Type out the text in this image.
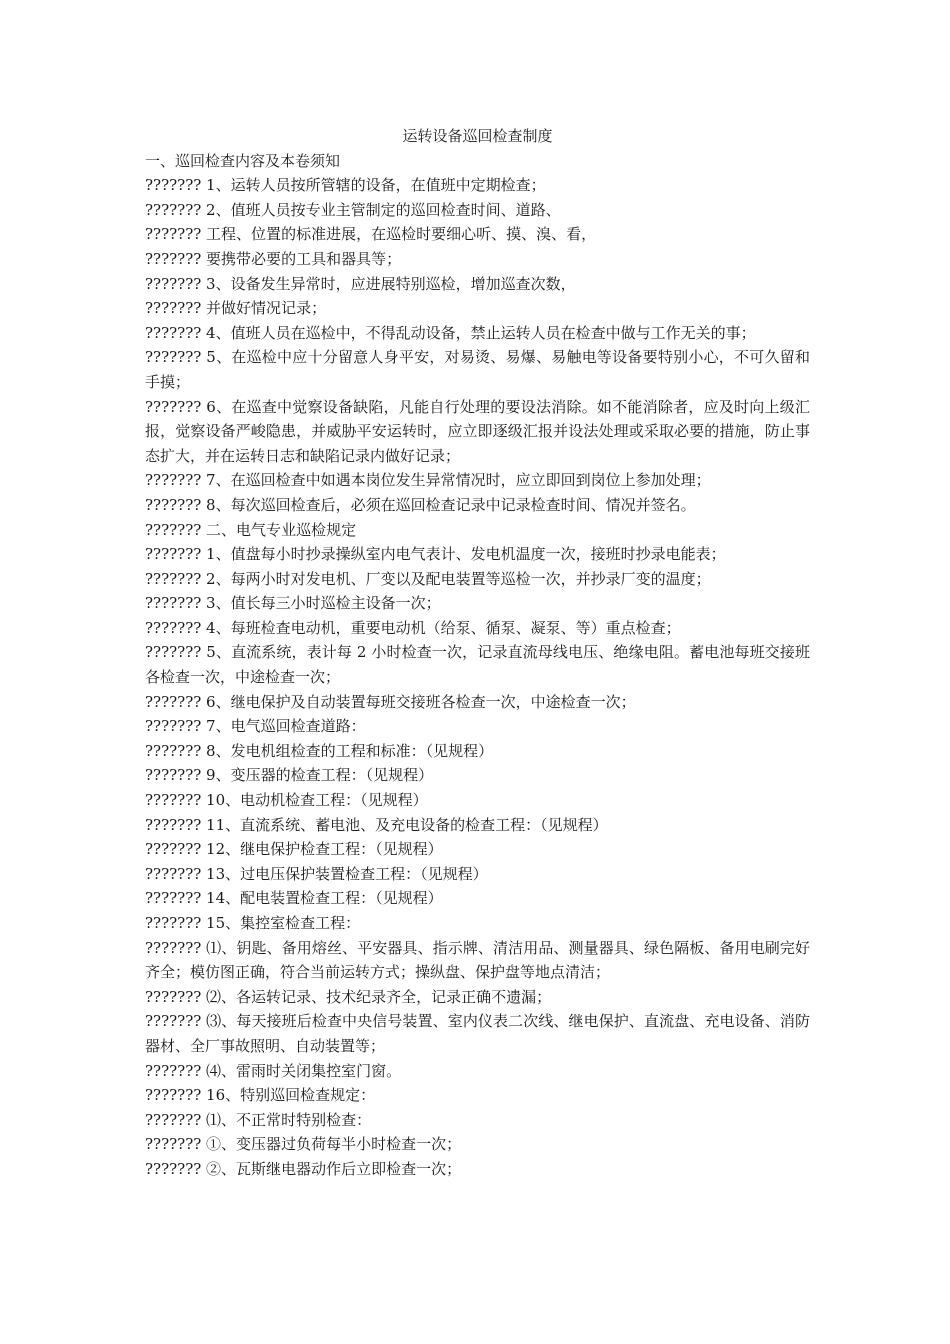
运转设备巡回检查制度

一、巡回检查内容及本卷须知

??????? 1、运转人员按所管辖的设备，在值班中定期检查；

??????? 2、值班人员按专业主管制定的巡回检查时间、道路、

??????? 工程、位置的标准进展，在巡检时要细心听、摸、溴、看，

??????? 要携带必要的工具和器具等；

??????? 3、设备发生异常时，应进展特别巡检，增加巡查次数，

??????? 并做好情况记录；

??????? 4、值班人员在巡检中，不得乱动设备，禁止运转人员在检查中做与工作无关的事；

??????? 5、在巡检中应十分留意人身平安，对易烫、易爆、易触电等设备要特别小心，不可久留和手摸；

??????? 6、在巡查中觉察设备缺陷，凡能自行处理的要设法消除。如不能消除者，应及时向上级汇报，觉察设备严峻隐患，并威胁平安运转时，应立即逐级汇报并设法处理或采取必要的措施，防止事态扩大，并在运转日志和缺陷记录内做好记录；

??????? 7、在巡回检查中如遇本岗位发生异常情况时，应立即回到岗位上参加处理；

??????? 8、每次巡回检查后，必须在巡回检查记录中记录检查时间、情况并签名。

??????? 二、电气专业巡检规定

??????? 1、值盘每小时抄录操纵室内电气表计、发电机温度一次，接班时抄录电能表；

??????? 2、每两小时对发电机、厂变以及配电装置等巡检一次，并抄录厂变的温度；

??????? 3、值长每三小时巡检主设备一次；

??????? 4、每班检查电动机，重要电动机（给泵、循泵、凝泵、等）重点检查；

??????? 5、直流系统，表计每 2 小时检查一次，记录直流母线电压、绝缘电阻。蓄电池每班交接班各检查一次，中途检查一次；

??????? 6、继电保护及自动装置每班交接班各检查一次，中途检查一次；

??????? 7、电气巡回检查道路：

??????? 8、发电机组检查的工程和标准：（见规程）

??????? 9、变压器的检查工程：（见规程）

??????? 10、电动机检查工程：（见规程）

??????? 11、直流系统、蓄电池、及充电设备的检查工程：（见规程）

??????? 12、继电保护检查工程：（见规程）

??????? 13、过电压保护装置检查工程：（见规程）

??????? 14、配电装置检查工程：（见规程）

??????? 15、集控室检查工程：

??????? ⑴、钥匙、备用熔丝、平安器具、指示牌、清洁用品、测量器具、绿色隔板、备用电刷完好齐全；模仿图正确，符合当前运转方式；操纵盘、保护盘等地点清洁；

??????? ⑵、各运转记录、技术纪录齐全，记录正确不遗漏；

??????? ⑶、每天接班后检查中央信号装置、室内仪表二次线、继电保护、直流盘、充电设备、消防器材、全厂事故照明、自动装置等；

??????? ⑷、雷雨时关闭集控室门窗。

??????? 16、特别巡回检查规定：

??????? ⑴、不正常时特别检查：

??????? ①、变压器过负荷每半小时检查一次；

??????? ②、瓦斯继电器动作后立即检查一次；
